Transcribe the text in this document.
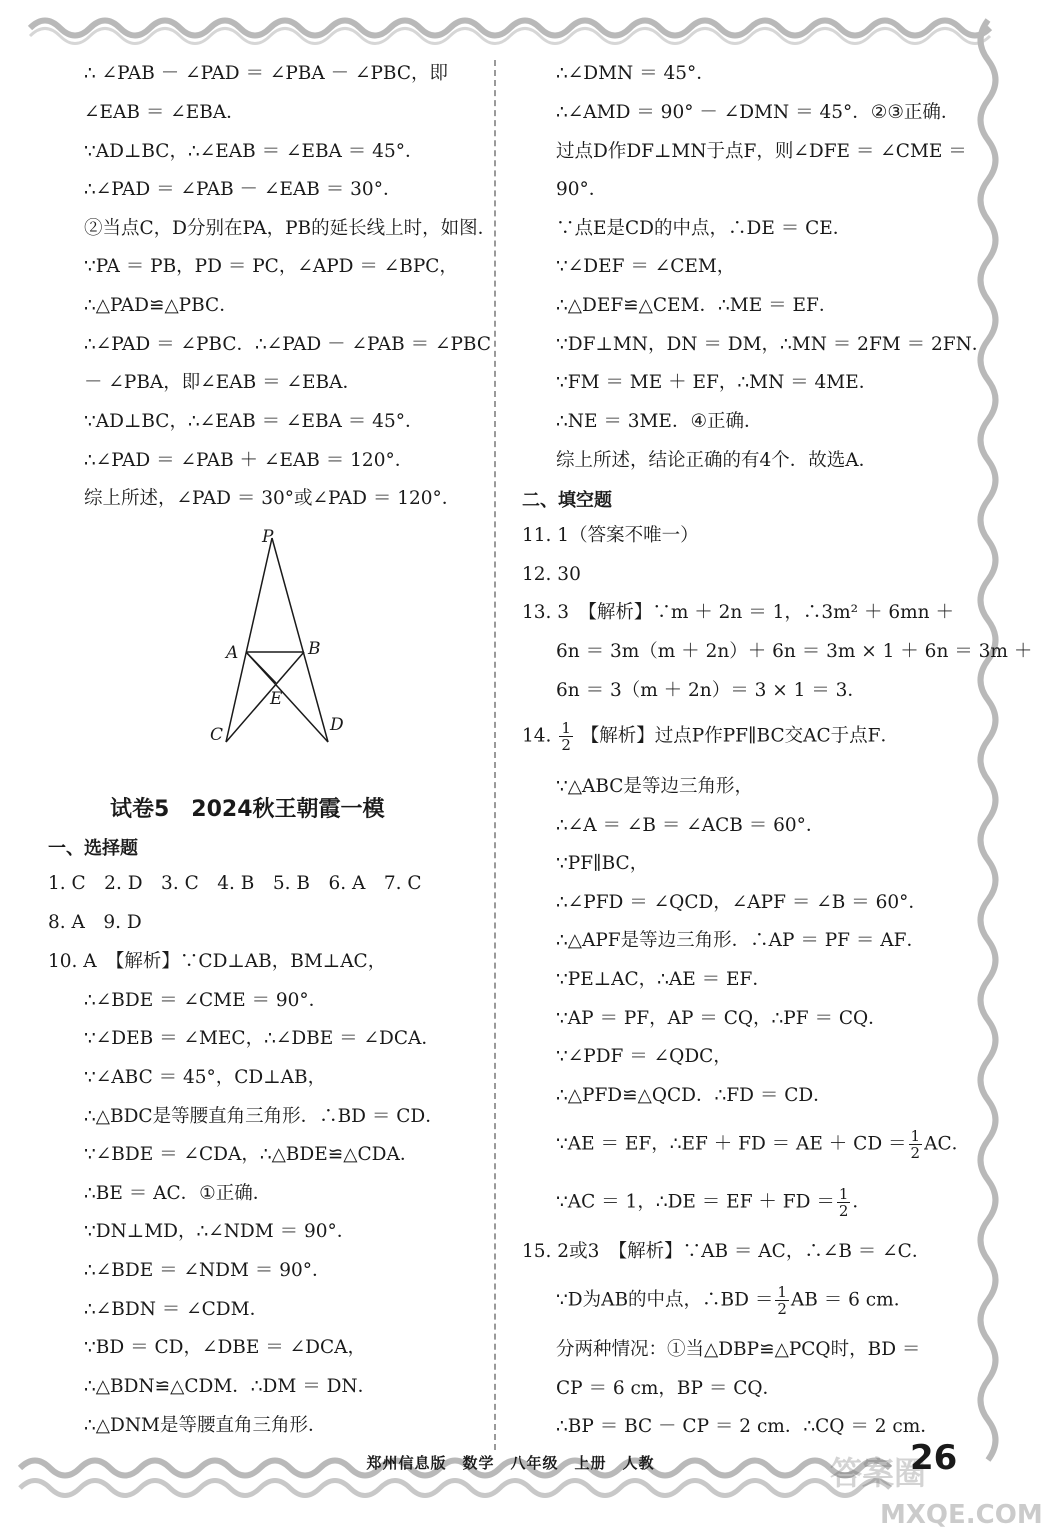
∴ ∠PAB － ∠PAD ＝ ∠PBA － ∠PBC，即
∠EAB ＝ ∠EBA．
∵AD⊥BC，∴∠EAB ＝ ∠EBA ＝ 45°．
∴∠PAD ＝ ∠PAB － ∠EAB ＝ 30°．
②当点C，D分别在PA，PB的延长线上时，如图．
∵PA ＝ PB，PD ＝ PC，∠APD ＝ ∠BPC，
∴△PAD≌△PBC．
∴∠PAD ＝ ∠PBC．∴∠PAD － ∠PAB ＝ ∠PBC
－ ∠PBA，即∠EAB ＝ ∠EBA．
∵AD⊥BC，∴∠EAB ＝ ∠EBA ＝ 45°．
∴∠PAD ＝ ∠PAB ＋ ∠EAB ＝ 120°．
综上所述，∠PAD ＝ 30°或∠PAD ＝ 120°．
P
A	B
E
C	D
试卷5　2024秋王朝霞一模
一、选择题
1. C　2. D　3. C　4. B　5. B　6. A　7. C
8. A　9. D
10. A　【解析】∵CD⊥AB，BM⊥AC，
∴∠BDE ＝ ∠CME ＝ 90°．
∵∠DEB ＝ ∠MEC，∴∠DBE ＝ ∠DCA．
∵∠ABC ＝ 45°，CD⊥AB，
∴△BDC是等腰直角三角形．∴BD ＝ CD．
∵∠BDE ＝ ∠CDA，∴△BDE≌△CDA．
∴BE ＝ AC．①正确．
∵DN⊥MD，∴∠NDM ＝ 90°．
∴∠BDE ＝ ∠NDM ＝ 90°．
∴∠BDN ＝ ∠CDM．
∵BD ＝ CD，∠DBE ＝ ∠DCA，
∴△BDN≌△CDM．∴DM ＝ DN．
∴△DNM是等腰直角三角形．
∴∠DMN ＝ 45°．
∴∠AMD ＝ 90° － ∠DMN ＝ 45°．②③正确．
过点D作DF⊥MN于点F，则∠DFE ＝ ∠CME ＝
90°．
∵点E是CD的中点，∴DE ＝ CE．
∵∠DEF ＝ ∠CEM，
∴△DEF≌△CEM．∴ME ＝ EF．
∵DF⊥MN，DN ＝ DM，∴MN ＝ 2FM ＝ 2FN．
∵FM ＝ ME ＋ EF，∴MN ＝ 4ME．
∴NE ＝ 3ME．④正确．
综上所述，结论正确的有4个．故选A．
二、填空题
11. 1（答案不唯一）
12. 30
13. 3　【解析】∵m ＋ 2n ＝ 1，∴3m² ＋ 6mn ＋
6n ＝ 3m（m ＋ 2n）＋ 6n ＝ 3m × 1 ＋ 6n ＝ 3m ＋
6n ＝ 3（m ＋ 2n）＝ 3 × 1 ＝ 3．
14. $\frac{1}{2}$ 【解析】过点P作PF∥BC交AC于点F．
∵△ABC是等边三角形，
∴∠A ＝ ∠B ＝ ∠ACB ＝ 60°．
∵PF∥BC，
∴∠PFD ＝ ∠QCD，∠APF ＝ ∠B ＝ 60°．
∴△APF是等边三角形．∴AP ＝ PF ＝ AF．
∵PE⊥AC，∴AE ＝ EF．
∵AP ＝ PF，AP ＝ CQ，∴PF ＝ CQ．
∵∠PDF ＝ ∠QDC，
∴△PFD≌△QCD．∴FD ＝ CD．
∵AE ＝ EF，∴EF ＋ FD ＝ AE ＋ CD ＝ $\frac{1}{2}$ AC．
∵AC ＝ 1，∴DE ＝ EF ＋ FD ＝ $\frac{1}{2}$ ．
15. 2或3　【解析】∵AB ＝ AC，∴∠B ＝ ∠C．
∵D为AB的中点，∴BD ＝ $\frac{1}{2}$ AB ＝ 6 cm．
分两种情况：①当△DBP≌△PCQ时，BD ＝
CP ＝ 6 cm，BP ＝ CQ．
∴BP ＝ BC － CP ＝ 2 cm．∴CQ ＝ 2 cm．
郑州信息版　数学　八年级　上册　人教	答案圈
MXQE.COM
26
